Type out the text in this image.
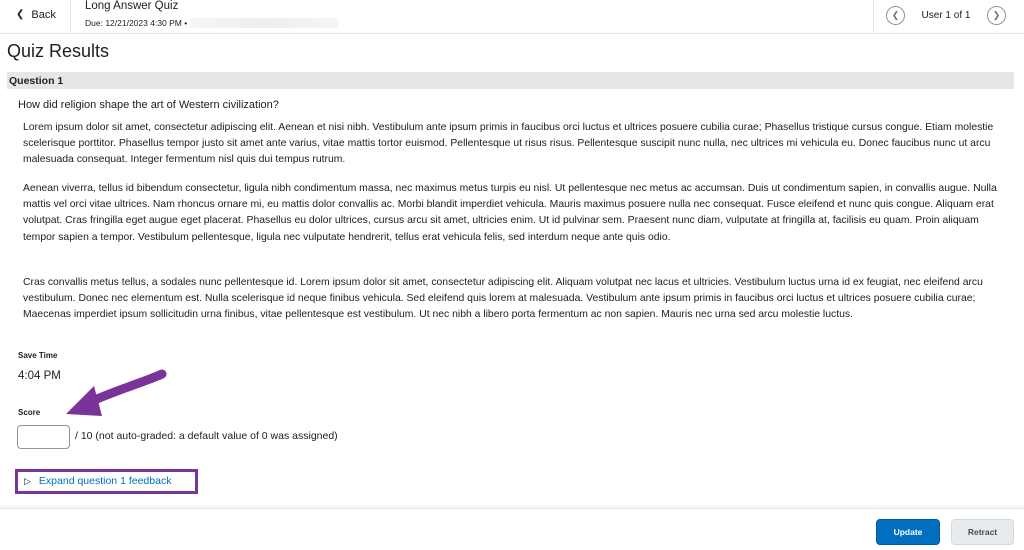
❮ Back
Long Answer Quiz
Due: 12/21/2023 4:30 PM •
❮	User 1 of 1	❯
Quiz Results
Question 1
How did religion shape the art of Western civilization?
Lorem ipsum dolor sit amet, consectetur adipiscing elit. Aenean et nisi nibh. Vestibulum ante ipsum primis in faucibus orci luctus et ultrices posuere cubilia curae; Phasellus tristique cursus congue. Etiam molestie scelerisque porttitor. Phasellus tempor justo sit amet ante varius, vitae mattis tortor euismod. Pellentesque ut risus risus. Pellentesque suscipit nunc nulla, nec ultrices mi vehicula eu. Donec faucibus nunc ut arcu malesuada consequat. Integer fermentum nisl quis dui tempus rutrum.
Aenean viverra, tellus id bibendum consectetur, ligula nibh condimentum massa, nec maximus metus turpis eu nisl. Ut pellentesque nec metus ac accumsan. Duis ut condimentum sapien, in convallis augue. Nulla mattis vel orci vitae ultrices. Nam rhoncus ornare mi, eu mattis dolor convallis ac. Morbi blandit imperdiet vehicula. Mauris maximus posuere nulla nec consequat. Fusce eleifend et nunc quis congue. Aliquam erat volutpat. Cras fringilla eget augue eget placerat. Phasellus eu dolor ultrices, cursus arcu sit amet, ultricies enim. Ut id pulvinar sem. Praesent nunc diam, vulputate at fringilla at, facilisis eu quam. Proin aliquam tempor sapien a tempor. Vestibulum pellentesque, ligula nec vulputate hendrerit, tellus erat vehicula felis, sed interdum neque ante quis odio.
Cras convallis metus tellus, a sodales nunc pellentesque id. Lorem ipsum dolor sit amet, consectetur adipiscing elit. Aliquam volutpat nec lacus et ultricies. Vestibulum luctus urna id ex feugiat, nec eleifend arcu vestibulum. Donec nec elementum est. Nulla scelerisque id neque finibus vehicula. Sed eleifend quis lorem at malesuada. Vestibulum ante ipsum primis in faucibus orci luctus et ultrices posuere cubilia curae; Maecenas imperdiet ipsum sollicitudin urna finibus, vitae pellentesque est vestibulum. Ut nec nibh a libero porta fermentum ac non sapien. Mauris nec urna sed arcu molestie luctus.
Save Time
4:04 PM
Score
/ 10 (not auto-graded: a default value of 0 was assigned)
▷ Expand question 1 feedback
Update	Retract
